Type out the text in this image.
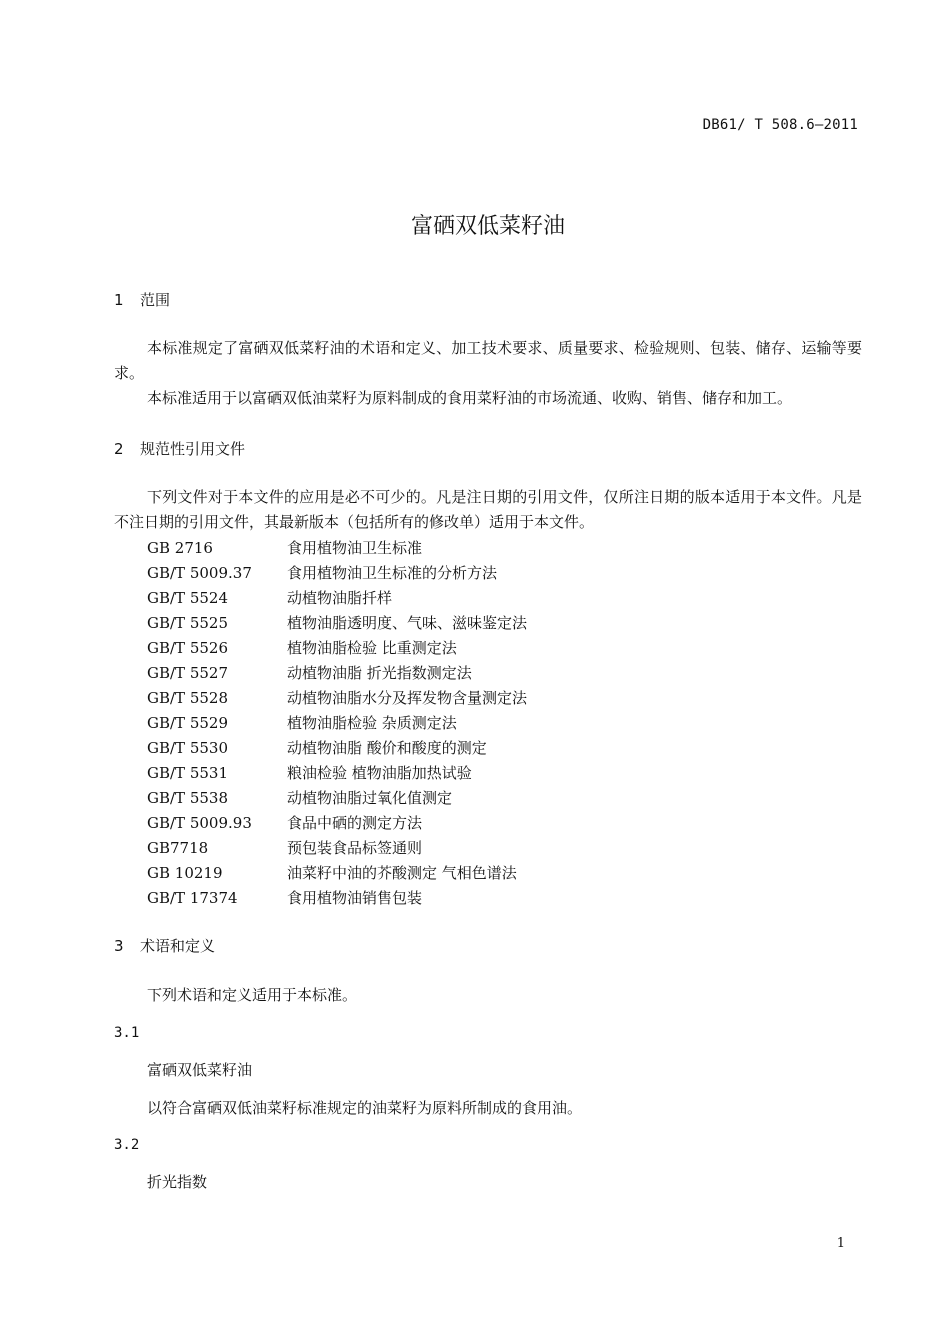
DB61/ T 508.6—2011
富硒双低菜籽油
1 范围
本标准规定了富硒双低菜籽油的术语和定义、加工技术要求、质量要求、检验规则、包装、储存、运输等要求。
本标准适用于以富硒双低油菜籽为原料制成的食用菜籽油的市场流通、收购、销售、储存和加工。
2 规范性引用文件
下列文件对于本文件的应用是必不可少的。凡是注日期的引用文件，仅所注日期的版本适用于本文件。凡是不注日期的引用文件，其最新版本（包括所有的修改单）适用于本文件。
GB 2716	食用植物油卫生标准
GB/T 5009.37	食用植物油卫生标准的分析方法
GB/T 5524	动植物油脂扦样
GB/T 5525	植物油脂透明度、气味、滋味鉴定法
GB/T 5526	植物油脂检验 比重测定法
GB/T 5527	动植物油脂 折光指数测定法
GB/T 5528	动植物油脂水分及挥发物含量测定法
GB/T 5529	植物油脂检验 杂质测定法
GB/T 5530	动植物油脂 酸价和酸度的测定
GB/T 5531	粮油检验 植物油脂加热试验
GB/T 5538	动植物油脂过氧化值测定
GB/T 5009.93	食品中硒的测定方法
GB7718	预包装食品标签通则
GB 10219	油菜籽中油的芥酸测定 气相色谱法
GB/T 17374	食用植物油销售包装
3 术语和定义
下列术语和定义适用于本标准。
3.1
富硒双低菜籽油
以符合富硒双低油菜籽标准规定的油菜籽为原料所制成的食用油。
3.2
折光指数
1
